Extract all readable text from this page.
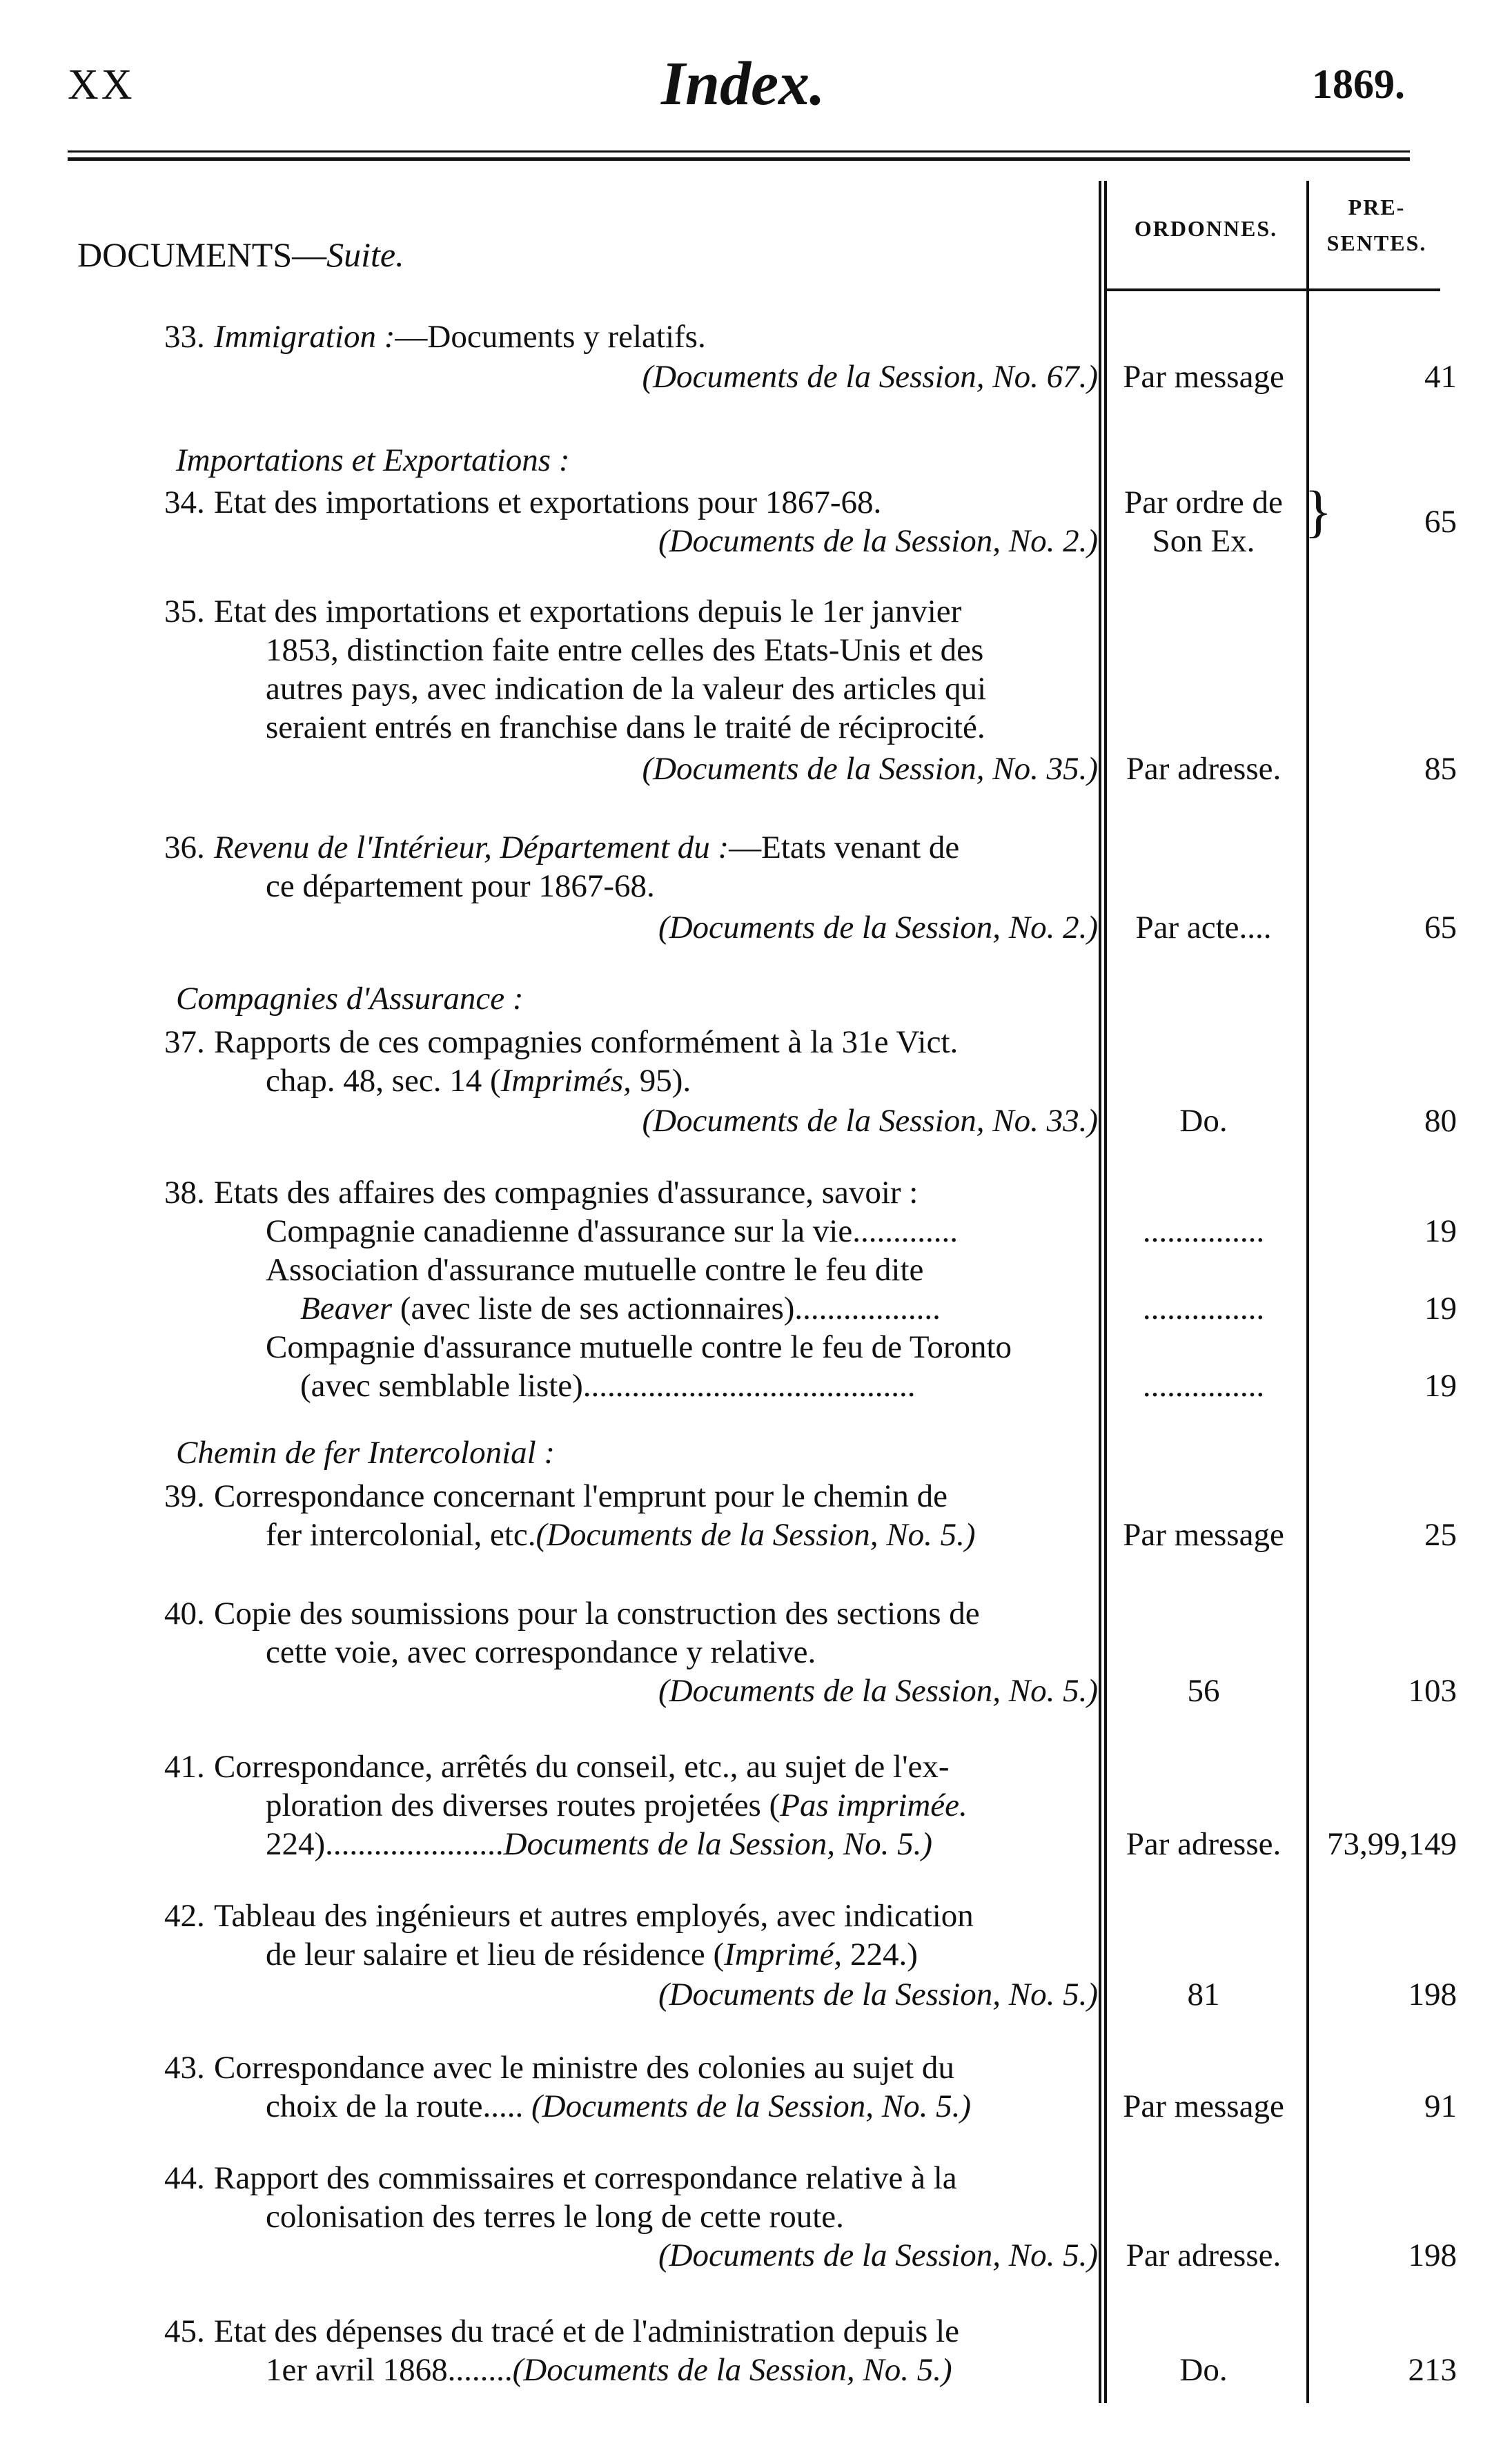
XX	Index.	1869.
ORDONNES.
PRE-
SENTES.
DOCUMENTS—Suite.
33. Immigration :—Documents y relatifs.
(Documents de la Session, No. 67.) Par message	41
Importations et Exportations :
34. Etat des importations et exportations pour 1867-68.	Par ordre de
(Documents de la Session, No. 2.)	Son Ex. }	65
35. Etat des importations et exportations depuis le 1er janvier
1853, distinction faite entre celles des Etats-Unis et des
autres pays, avec indication de la valeur des articles qui
seraient entrés en franchise dans le traité de réciprocité.
(Documents de la Session, No. 35.) Par adresse.	85
36. Revenu de l'Intérieur, Département du :—Etats venant de
ce département pour 1867-68.
(Documents de la Session, No. 2.)	Par acte....	65
Compagnies d'Assurance :
37. Rapports de ces compagnies conformément à la 31e Vict.
chap. 48, sec. 14 (Imprimés, 95).
(Documents de la Session, No. 33.)	Do.	80
38. Etats des affaires des compagnies d'assurance, savoir :
Compagnie canadienne d'assurance sur la vie.............	...............	19
Association d'assurance mutuelle contre le feu dite
Beaver (avec liste de ses actionnaires)..................	...............	19
Compagnie d'assurance mutuelle contre le feu de Toronto
(avec semblable liste).........................................	...............	19
Chemin de fer Intercolonial :
39. Correspondance concernant l'emprunt pour le chemin de
fer intercolonial, etc.(Documents de la Session, No. 5.)	Par message	25
40. Copie des soumissions pour la construction des sections de
cette voie, avec correspondance y relative.
(Documents de la Session, No. 5.)	56	103
41. Correspondance, arrêtés du conseil, etc., au sujet de l'ex-
ploration des diverses routes projetées (Pas imprimée.
224)......................Documents de la Session, No. 5.)	Par adresse.	73,99,149
42. Tableau des ingénieurs et autres employés, avec indication
de leur salaire et lieu de résidence (Imprimé, 224.)
(Documents de la Session, No. 5.)	81	198
43. Correspondance avec le ministre des colonies au sujet du
choix de la route..... (Documents de la Session, No. 5.)	Par message	91
44. Rapport des commissaires et correspondance relative à la
colonisation des terres le long de cette route.
(Documents de la Session, No. 5.) Par adresse.	198
45. Etat des dépenses du tracé et de l'administration depuis le
1er avril 1868........(Documents de la Session, No. 5.)	Do.	213
